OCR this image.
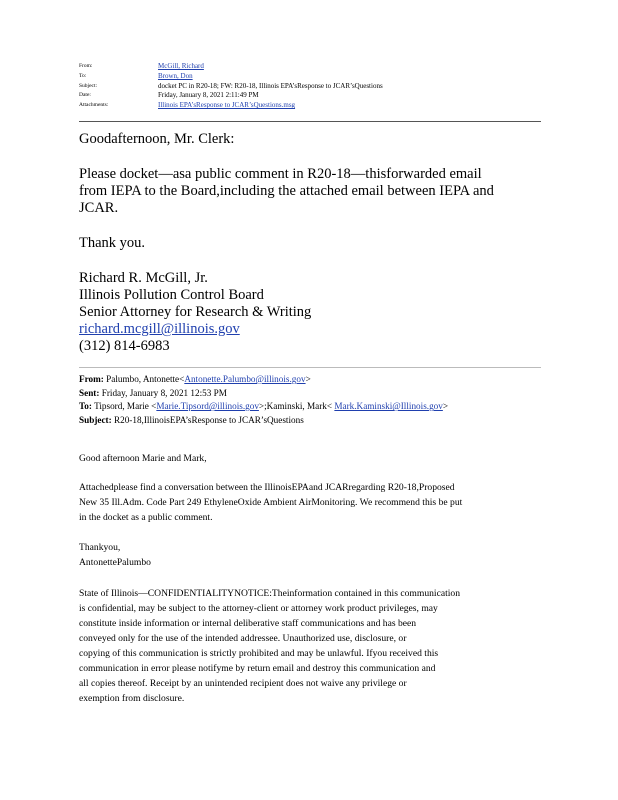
From:	McGill, Richard
To:	Brown, Don
Subject:	docket PC in R20-18; FW: R20-18, Illinois EPA’sResponse to JCAR’sQuestions
Date:	Friday, January 8, 2021 2:11:49 PM
Attachments:	Illinois EPA’sResponse to JCAR’sQuestions.msg
Goodafternoon, Mr. Clerk:

Please docket—asa public comment in R20-18—thisforwarded email

from IEPA to the Board,including the attached email between IEPA and

JCAR.

Thank you.

Richard R. McGill, Jr.

Illinois Pollution Control Board

Senior Attorney for Research & Writing

richard.mcgill@illinois.gov

(312) 814-6983

From: Palumbo, Antonette<Antonette.Palumbo@illinois.gov>

Sent: Friday, January 8, 2021 12:53 PM

To: Tipsord, Marie <Marie.Tipsord@illinois.gov>;Kaminski, Mark< Mark.Kaminski@Illinois.gov>

Subject: R20-18,IllinoisEPA’sResponse to JCAR’sQuestions

Good afternoon Marie and Mark,

Attachedplease find a conversation between the IllinoisEPAand JCARregarding R20-18,Proposed

New 35 Ill.Adm. Code Part 249 EthyleneOxide Ambient AirMonitoring. We recommend this be put

in the docket as a public comment.

Thankyou,

AntonettePalumbo

State of Illinois—CONFIDENTIALITYNOTICE:Theinformation contained in this communication

is confidential, may be subject to the attorney-client or attorney work product privileges, may

constitute inside information or internal deliberative staff communications and has been

conveyed only for the use of the intended addressee. Unauthorized use, disclosure, or

copying of this communication is strictly prohibited and may be unlawful. Ifyou received this

communication in error please notifyme by return email and destroy this communication and

all copies thereof. Receipt by an unintended recipient does not waive any privilege or

exemption from disclosure.
